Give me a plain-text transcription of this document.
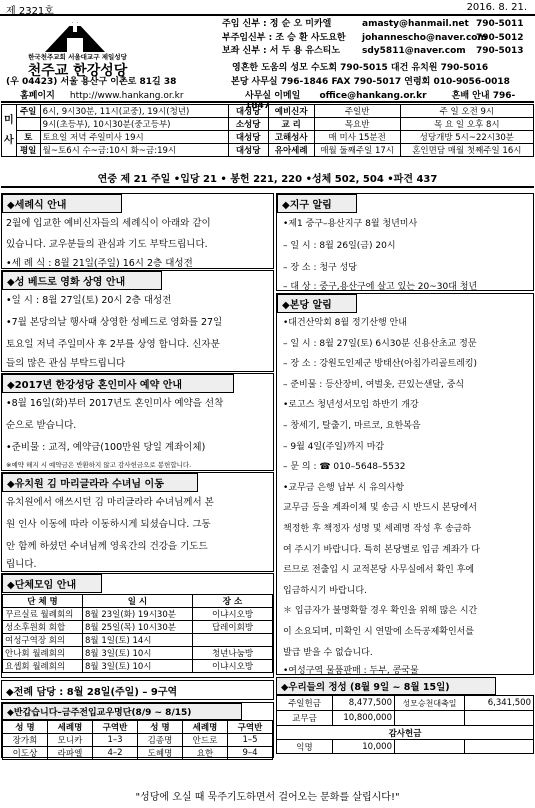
제 2321호	2016. 8. 21.
한국천주교회 서울대교구 제일성당
천주교 한강성당
주임 신부 : 정 순 오 미카엘	amasty@hanmail.net 790-5011
부주임신부 : 조 승 환 사도요한 johannescho@naver.com
790-5012
보좌 신부 : 서 두 용 유스티노 sdy5811@naver.com 790-5013
영혼한 도움의 성모 수도회 790-5015 대건 유치원 790-5016
(우 04423) 서울 용산구 이촌로 81길 38	본당 사무실 796-1846 FAX 790-5017 연령회 010-9056-0018
홈페이지 http://www.hankang.or.kr	사무실 이메일 office@hankang.or.kr	혼배 안내 796-1847
미
사	주일	6시, 9시30분, 11시(교중), 19시(청년)	대성당	예비신자	주일반	주 일 오전 9시
		9시(초등부), 10시30분(중고등부)	소성당	교 리	목요반	목 요 일 오후 8시
	토	토요일 저녁 주일미사 19시	대성당	고해성사	매 미사 15분전	성당개방 5시~22시30분
	평일	월~토6시 수~금:10시 화~금:19시	대성당	유아세례	매월 둘째주일 17시	혼인면담 매월 첫째주일 16시
연중 제 21 주일 •입당 21 • 봉헌 221, 220 •성체 502, 504 •파견 437
◆세례식 안내
2월에 입교한 예비신자들의 세례식이 아래와 같이
있습니다. 교우분들의 관심과 기도 부탁드립니다.
•세 례 식 : 8월 21일(주일) 16시 2층 대성전
◆성 베드로 영화 상영 안내
•일 시 : 8월 27일(토) 20시 2층 대성전
•7월 본당의날 행사때 상영한 성베드로 영화를 27일
토요일 저녁 주일미사 후 2부를 상영 합니다. 신자분
들의 많은 관심 부탁드립니다
◆2017년 한강성당 혼인미사 예약 안내
•8월 16일(화)부터 2017년도 혼인미사 예약을 선착
순으로 받습니다.
•준비물 : 교적, 예약금(100만원 당일 계좌이체)
※예약 해지 시 예약금은 반환하지 않고 감사헌금으로 봉헌합니다.
◆유치원 김 마리글라라 수녀님 이동
유치원에서 애쓰시던 김 마리글라라 수녀님께서 본
원 인사 이동에 따라 이동하시게 되셨습니다. 그동
안 함께 하셨던 수녀님께 영육간의 건강을 기도드
립니다.
◆단체모임 안내
단 체 명	일 시	장 소
꾸르실료 월례회의	8월 23일(화) 19시30분	이냐시오방
성소후원회 회합	8월 25일(목) 10시30분	답레이회방
여성구역장 회의	8월 1일(토) 14시	
안나회 월례회의	8월 3일(토) 10시	청년나눔방
요셉회 월례회의	8월 3일(토) 10시	이냐시오방
◆전례 담당 : 8월 28일(주일) – 9구역
◆반갑습니다–금주전입교우명단(8/9 ~ 8/15)
성 명	세례명	구역반	성 명	세례명	구역반
장가희	모니카	1–3	김종명	안드로	1–5
이도상	라파엘	4–2	도혜명	요한	9–4
◆지구 알림
•제1 중구–용산지구 8월 청년미사
– 일 시 : 8월 26일(금) 20시
– 장 소 : 청구 성당
– 대 상 : 중구,용산구에 살고 있는 20~30대 청년
◆본당 알림
•대건산악회 8월 정기산행 안내
– 일 시 : 8월 27일(토) 6시30분 신용산초교 정문
– 장 소 : 강원도인제군 방태산(아침가리골트레킹)
– 준비물 : 등산장비, 여벌옷, 끈있는샌달, 중식
•로고스 청년성서모임 하반기 개강
– 창세기, 탈출기, 마르코, 요한복음
– 9월 4일(주일)까지 마감
– 문 의 : ☎ 010–5648–5532
•교무금 은행 납부 시 유의사항
교무금 등을 계좌이체 및 송금 시 반드시 본당에서
책정한 후 책정자 성명 및 세례명 작성 후 송금하
여 주시기 바랍니다. 특히 본당별로 입금 계좌가 다
르므로 전출입 시 교적본당 사무실에서 확인 후에
입금하시기 바랍니다.
＊ 입금자가 불명확할 경우 확인을 위해 많은 시간
이 소요되며, 미확인 시 연말에 소득공제확인서를
발급 받을 수 없습니다.
•여성구역 물품판매 : 두부, 콩국물
◆우리들의 정성 (8월 9일 ~ 8월 15일)
주일헌금	8,477,500	성모승천대축일	6,341,500
교무금	10,800,000		
감사헌금			
익명	10,000		
"성당에 오실 때 묵주기도하면서 걸어오는 문화를 살립시다!"
